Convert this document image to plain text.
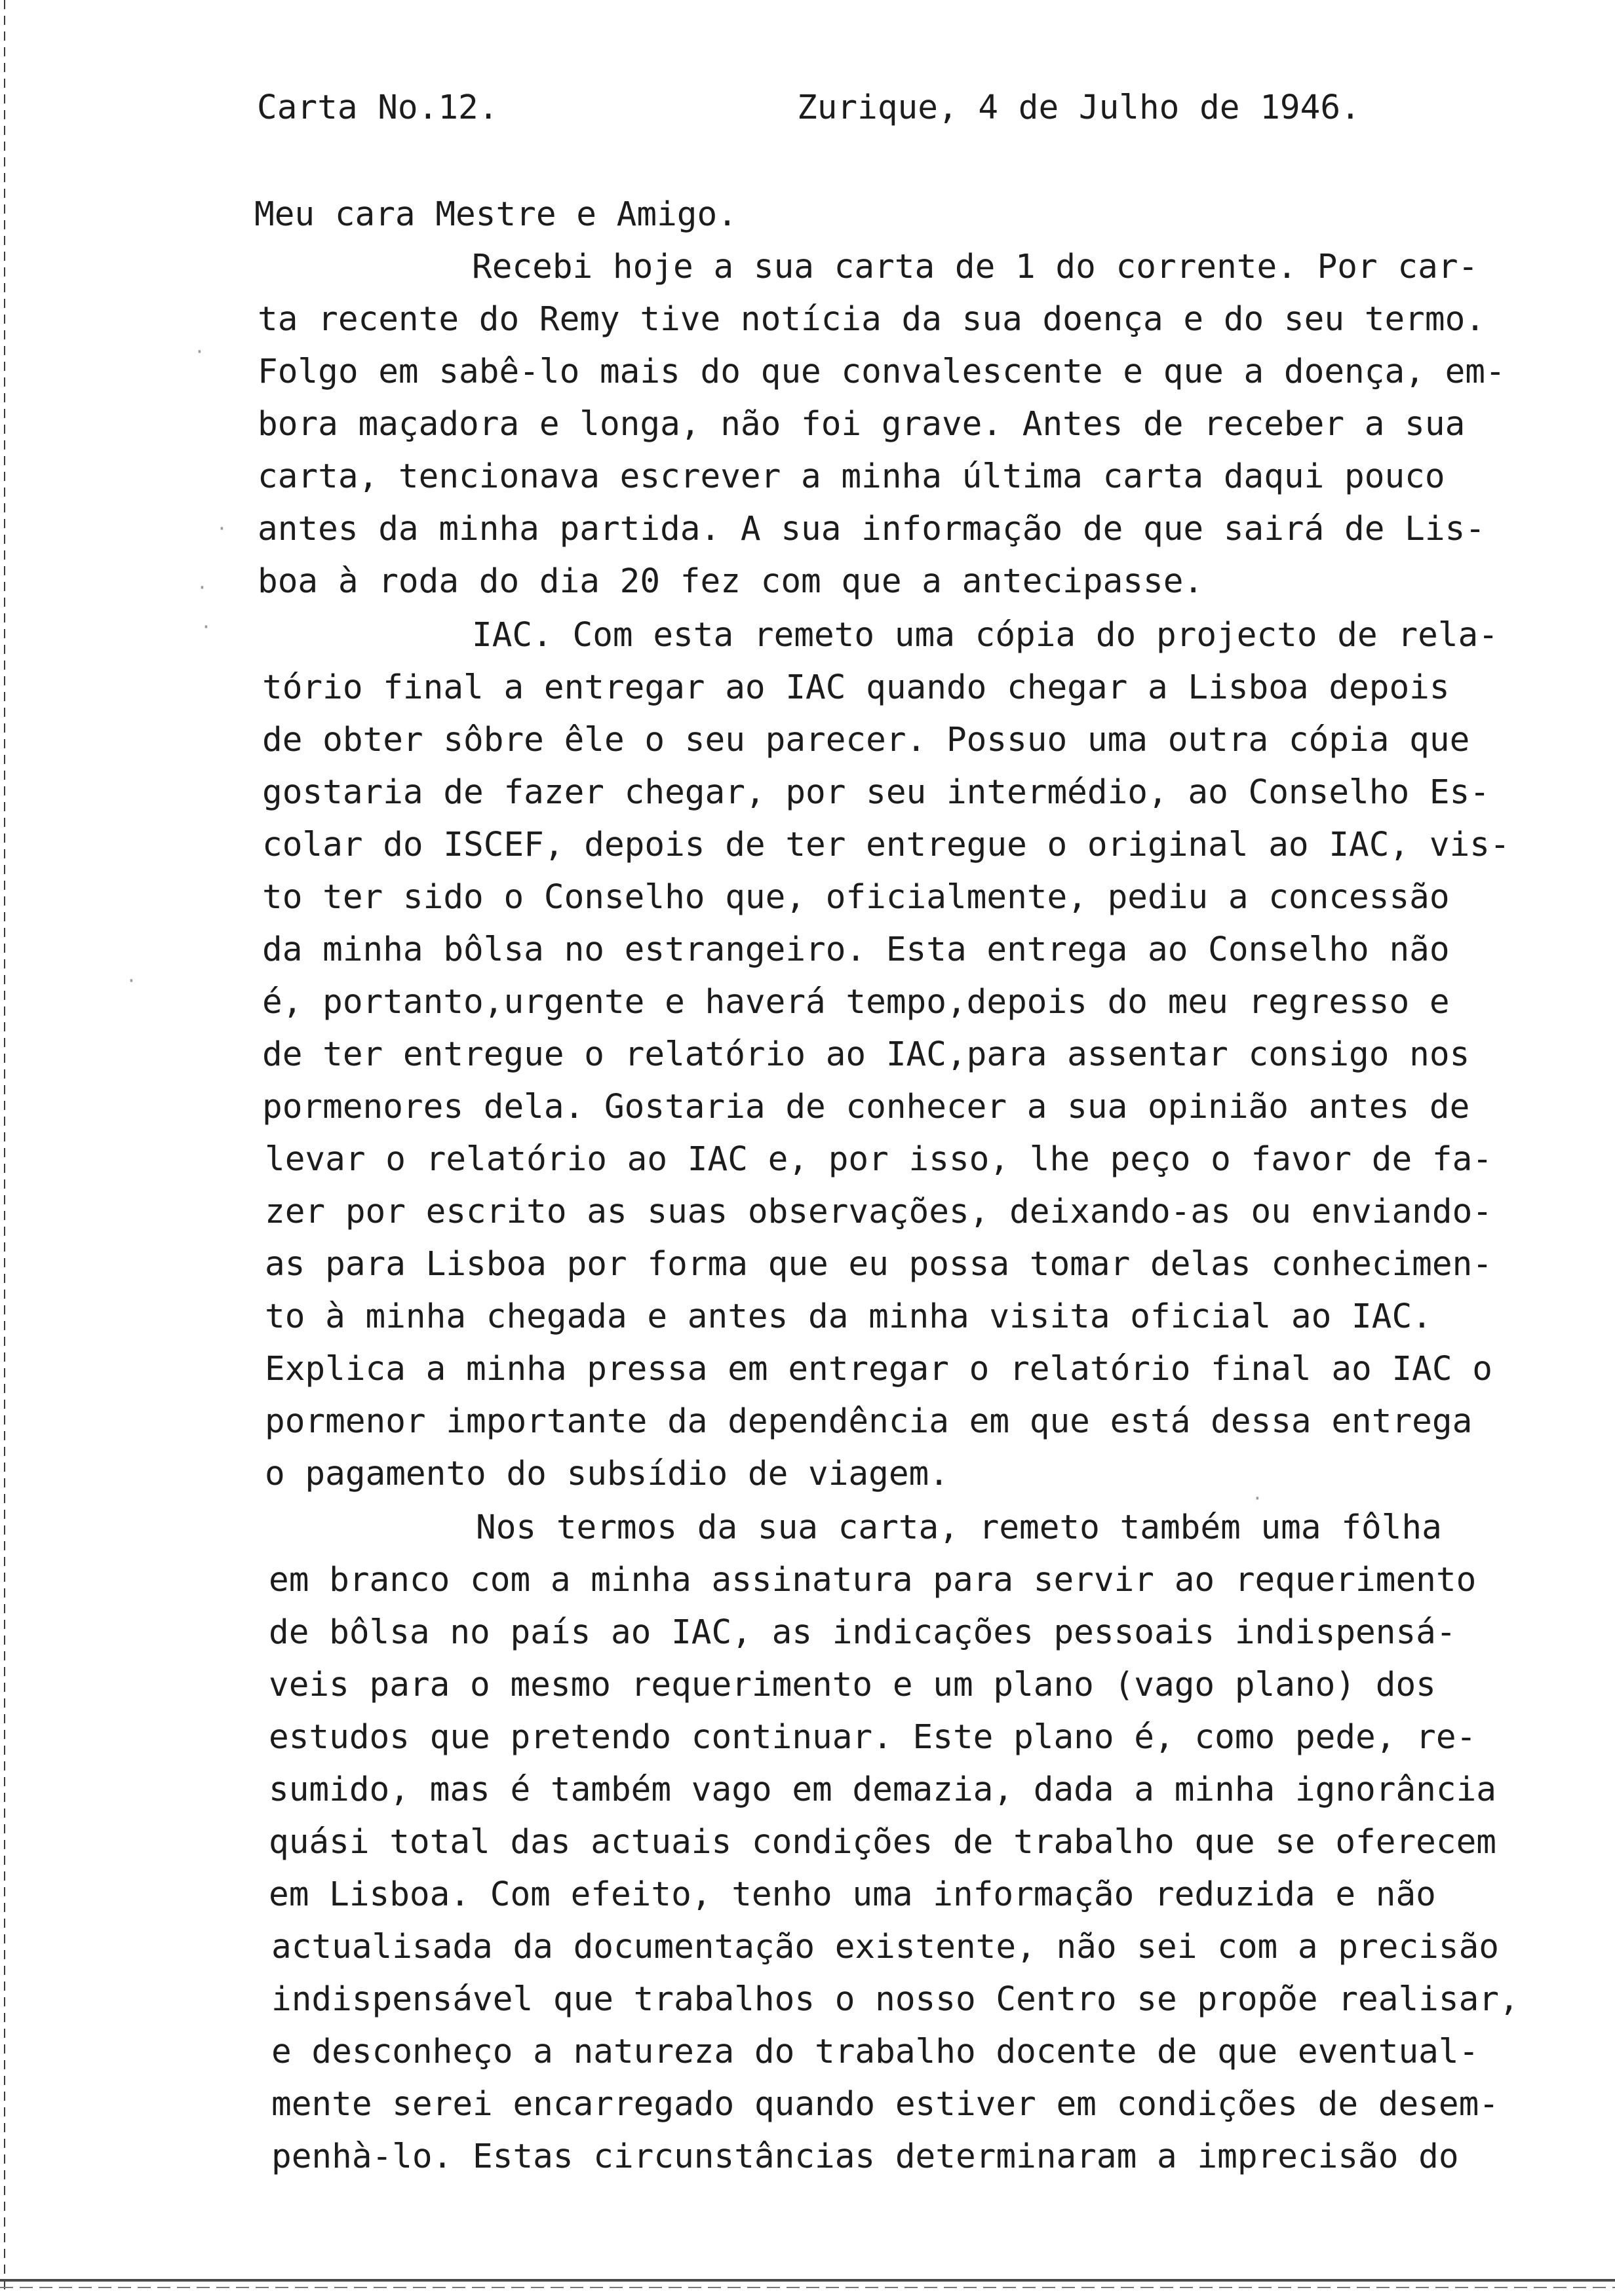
·
·
·
·
·
·
Carta No.12.	Zurique, 4 de Julho de 1946.
Meu cara Mestre e Amigo.
Recebi hoje a sua carta de 1 do corrente. Por car-
ta recente do Remy tive notícia da sua doença e do seu termo.
Folgo em sabê-lo mais do que convalescente e que a doença, em-
bora maçadora e longa, não foi grave. Antes de receber a sua
carta, tencionava escrever a minha última carta daqui pouco
antes da minha partida. A sua informação de que sairá de Lis-
boa à roda do dia 20 fez com que a antecipasse.
IAC. Com esta remeto uma cópia do projecto de rela-
tório final a entregar ao IAC quando chegar a Lisboa depois
de obter sôbre êle o seu parecer. Possuo uma outra cópia que
gostaria de fazer chegar, por seu intermédio, ao Conselho Es-
colar do ISCEF, depois de ter entregue o original ao IAC, vis-
to ter sido o Conselho que, oficialmente, pediu a concessão
da minha bôlsa no estrangeiro. Esta entrega ao Conselho não
é, portanto,urgente e haverá tempo,depois do meu regresso e
de ter entregue o relatório ao IAC,para assentar consigo nos
pormenores dela. Gostaria de conhecer a sua opinião antes de
levar o relatório ao IAC e, por isso, lhe peço o favor de fa-
zer por escrito as suas observações, deixando-as ou enviando-
as para Lisboa por forma que eu possa tomar delas conhecimen-
to à minha chegada e antes da minha visita oficial ao IAC.
Explica a minha pressa em entregar o relatório final ao IAC o
pormenor importante da dependência em que está dessa entrega
o pagamento do subsídio de viagem.
Nos termos da sua carta, remeto também uma fôlha
em branco com a minha assinatura para servir ao requerimento
de bôlsa no país ao IAC, as indicações pessoais indispensá-
veis para o mesmo requerimento e um plano (vago plano) dos
estudos que pretendo continuar. Este plano é, como pede, re-
sumido, mas é também vago em demazia, dada a minha ignorância
quási total das actuais condições de trabalho que se oferecem
em Lisboa. Com efeito, tenho uma informação reduzida e não
actualisada da documentação existente, não sei com a precisão
indispensável que trabalhos o nosso Centro se propõe realisar,
e desconheço a natureza do trabalho docente de que eventual-
mente serei encarregado quando estiver em condições de desem-
penhà-lo. Estas circunstâncias determinaram a imprecisão do
